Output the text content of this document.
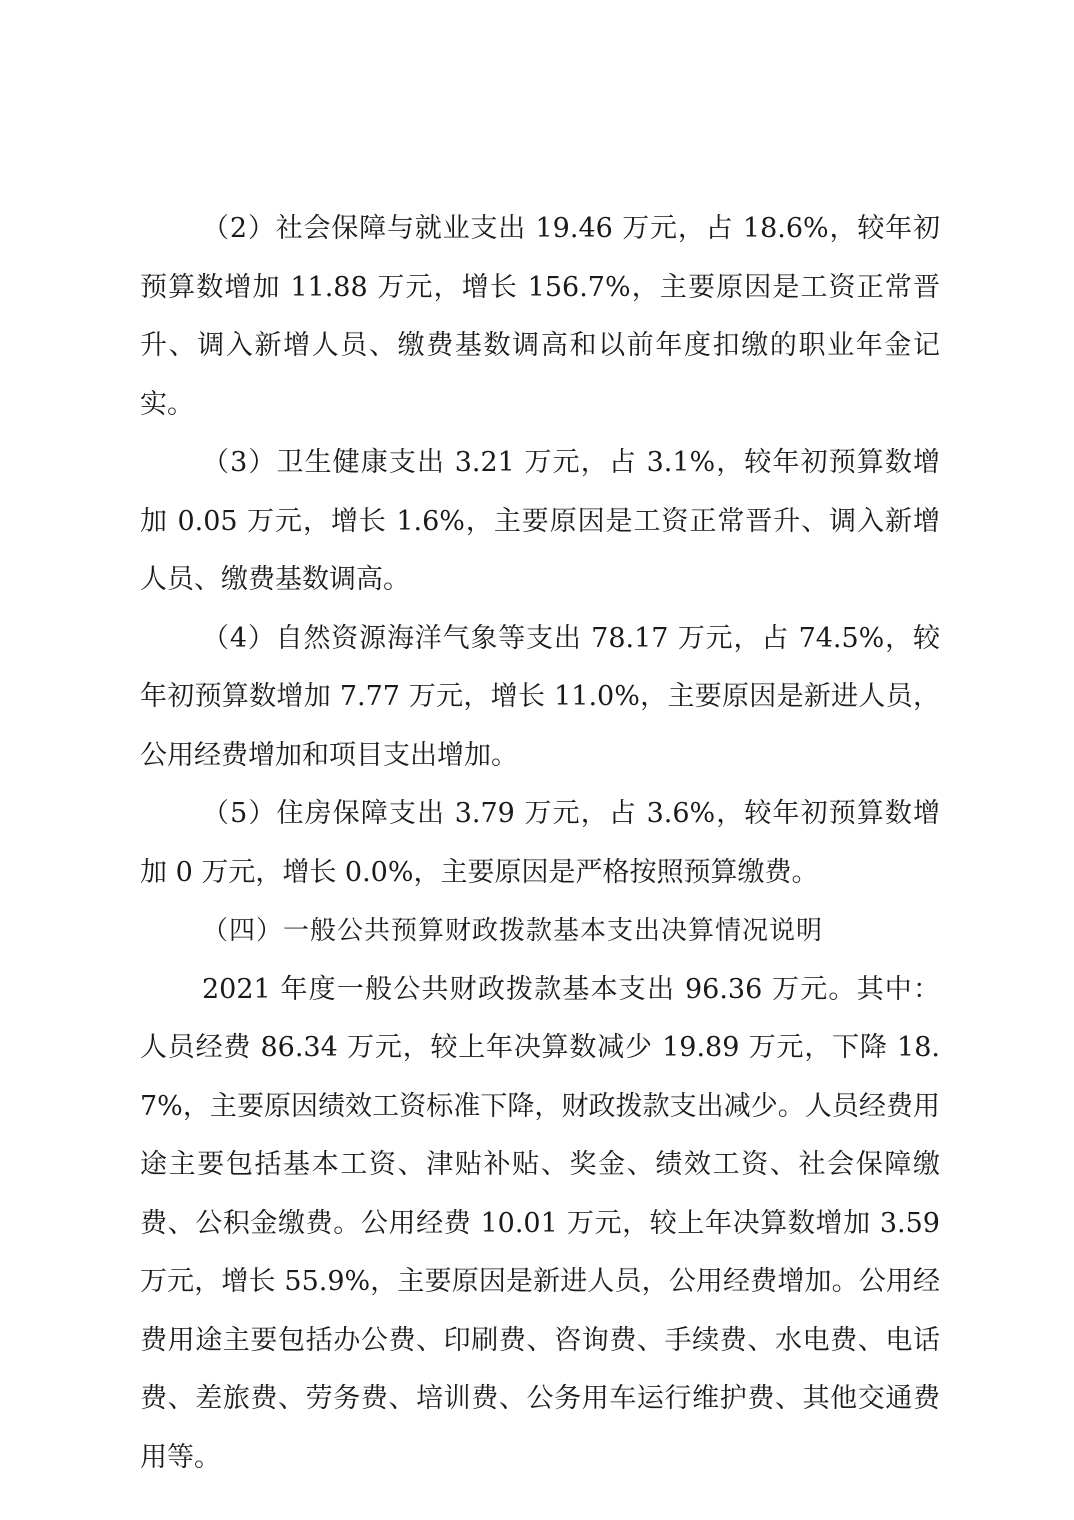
（2）社会保障与就业支出 19.46 万元，占 18.6%，较年初预算数增加 11.88 万元，增长 156.7%，主要原因是工资正常晋升、调入新增人员、缴费基数调高和以前年度扣缴的职业年金记实。

（3）卫生健康支出 3.21 万元，占 3.1%，较年初预算数增加 0.05 万元，增长 1.6%，主要原因是工资正常晋升、调入新增人员、缴费基数调高。

（4）自然资源海洋气象等支出 78.17 万元，占 74.5%，较年初预算数增加 7.77 万元，增长 11.0%，主要原因是新进人员，公用经费增加和项目支出增加。

（5）住房保障支出 3.79 万元，占 3.6%，较年初预算数增加 0 万元，增长 0.0%，主要原因是严格按照预算缴费。

（四）一般公共预算财政拨款基本支出决算情况说明

2021 年度一般公共财政拨款基本支出 96.36 万元。其中：人员经费 86.34 万元，较上年决算数减少 19.89 万元，下降 18.7%，主要原因绩效工资标准下降，财政拨款支出减少。人员经费用途主要包括基本工资、津贴补贴、奖金、绩效工资、社会保障缴费、公积金缴费。公用经费 10.01 万元，较上年决算数增加 3.59 万元，增长 55.9%，主要原因是新进人员，公用经费增加。公用经费用途主要包括办公费、印刷费、咨询费、手续费、水电费、电话费、差旅费、劳务费、培训费、公务用车运行维护费、其他交通费用等。
